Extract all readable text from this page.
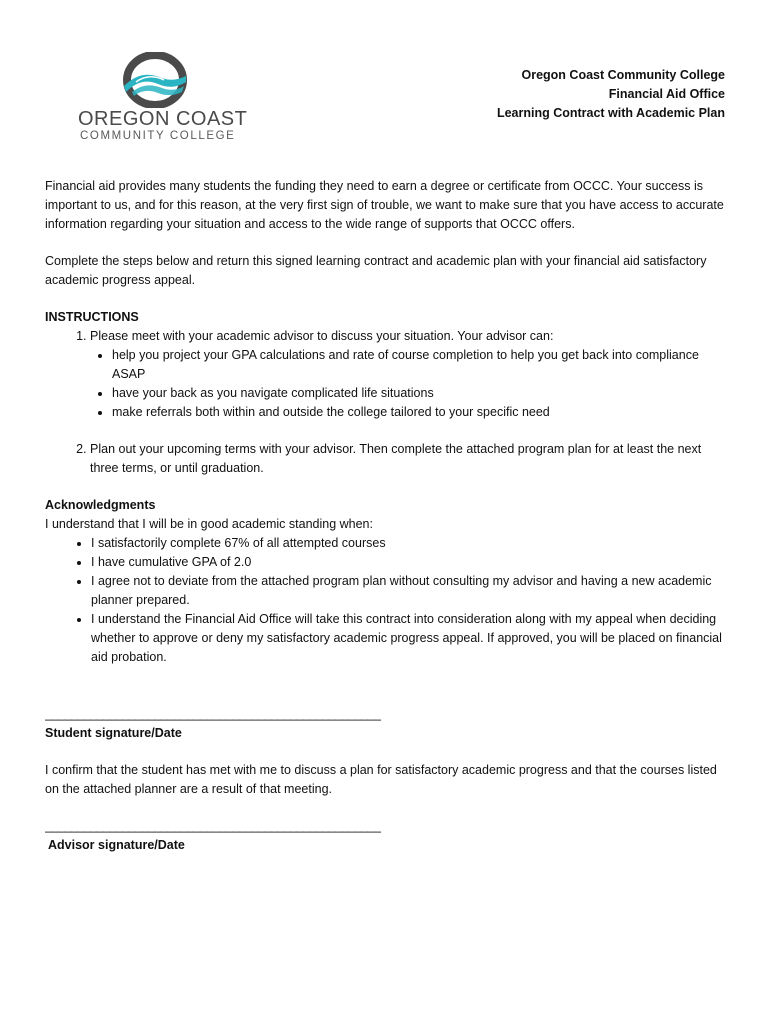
OREGON COAST
COMMUNITY COLLEGE
Oregon Coast Community College
Financial Aid Office
Learning Contract with Academic Plan

Financial aid provides many students the funding they need to earn a degree or certificate from OCCC. Your success is important to us, and for this reason, at the very first sign of trouble, we want to make sure that you have access to accurate information regarding your situation and access to the wide range of supports that OCCC offers.

Complete the steps below and return this signed learning contract and academic plan with your financial aid satisfactory academic progress appeal.

INSTRUCTIONS

1. Please meet with your academic advisor to discuss your situation. Your advisor can:
• help you project your GPA calculations and rate of course completion to help you get back into compliance ASAP
• have your back as you navigate complicated life situations
• make referrals both within and outside the college tailored to your specific need
2. Plan out your upcoming terms with your advisor. Then complete the attached program plan for at least the next three terms, or until graduation.

Acknowledgments

I understand that I will be in good academic standing when:

• I satisfactorily complete 67% of all attempted courses
• I have cumulative GPA of 2.0
• I agree not to deviate from the attached program plan without consulting my advisor and having a new academic planner prepared.
• I understand the Financial Aid Office will take this contract into consideration along with my appeal when deciding whether to approve or deny my satisfactory academic progress appeal. If approved, you will be placed on financial aid probation.
____________________________________________________

Student signature/Date

I confirm that the student has met with me to discuss a plan for satisfactory academic progress and that the courses listed on the attached planner are a result of that meeting.

____________________________________________________

Advisor signature/Date
